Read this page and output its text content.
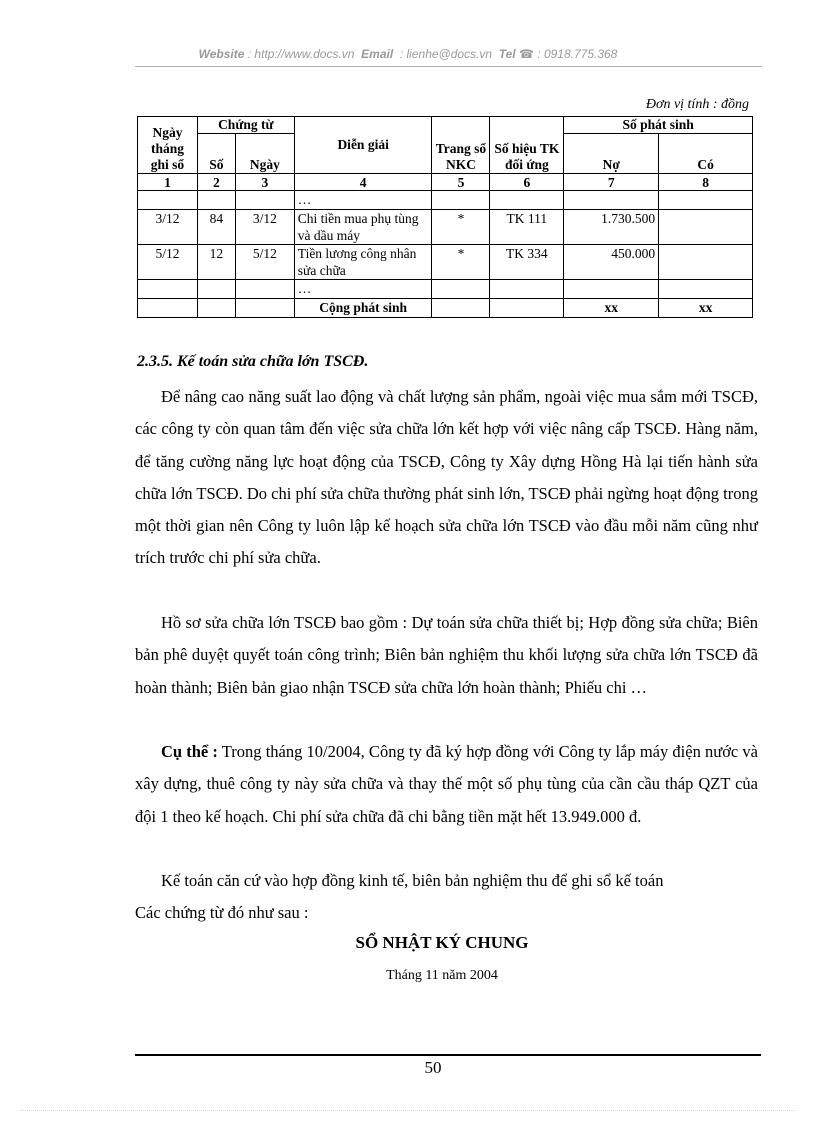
Website : http://www.docs.vn Email : lienhe@docs.vn Tel ☎ : 0918.775.368
Đơn vị tính : đồng
Ngày tháng ghi sổ	Chứng từ		Diễn giải	Trang sổ NKC	Số hiệu TK đối ứng	Số phát sinh	
	Số	Ngày				Nợ	Có
1	2	3	4	5	6	7	8
			…				
3/12	84	3/12	Chi tiền mua phụ tùng và dầu máy	*	TK 111	1.730.500	
5/12	12	5/12	Tiền lương công nhân sửa chữa	*	TK 334	450.000	
			…				
			Cộng phát sinh			xx	xx
2.3.5. Kế toán sửa chữa lớn TSCĐ.

Để nâng cao năng suất lao động và chất lượng sản phẩm, ngoài việc mua sắm mới TSCĐ, các công ty còn quan tâm đến việc sửa chữa lớn kết hợp với việc nâng cấp TSCĐ. Hàng năm, để tăng cường năng lực hoạt động của TSCĐ, Công ty Xây dựng Hồng Hà lại tiến hành sửa chữa lớn TSCĐ. Do chi phí sửa chữa thường phát sinh lớn, TSCĐ phải ngừng hoạt động trong một thời gian nên Công ty luôn lập kế hoạch sửa chữa lớn TSCĐ vào đầu mỗi năm cũng như trích trước chi phí sửa chữa.

Hồ sơ sửa chữa lớn TSCĐ bao gồm : Dự toán sửa chữa thiết bị; Hợp đồng sửa chữa; Biên bản phê duyệt quyết toán công trình; Biên bản nghiệm thu khối lượng sửa chữa lớn TSCĐ đã hoàn thành; Biên bản giao nhận TSCĐ sửa chữa lớn hoàn thành; Phiếu chi …

Cụ thể : Trong tháng 10/2004, Công ty đã ký hợp đồng với Công ty lắp máy điện nước và xây dựng, thuê công ty này sửa chữa và thay thế một số phụ tùng của cần cầu tháp QZT của đội 1 theo kế hoạch. Chi phí sửa chữa đã chi bằng tiền mặt hết 13.949.000 đ.

Kế toán căn cứ vào hợp đồng kinh tế, biên bản nghiệm thu để ghi sổ kế toán

Các chứng từ đó như sau :

SỔ NHẬT KÝ CHUNG
Tháng 11 năm 2004
50
